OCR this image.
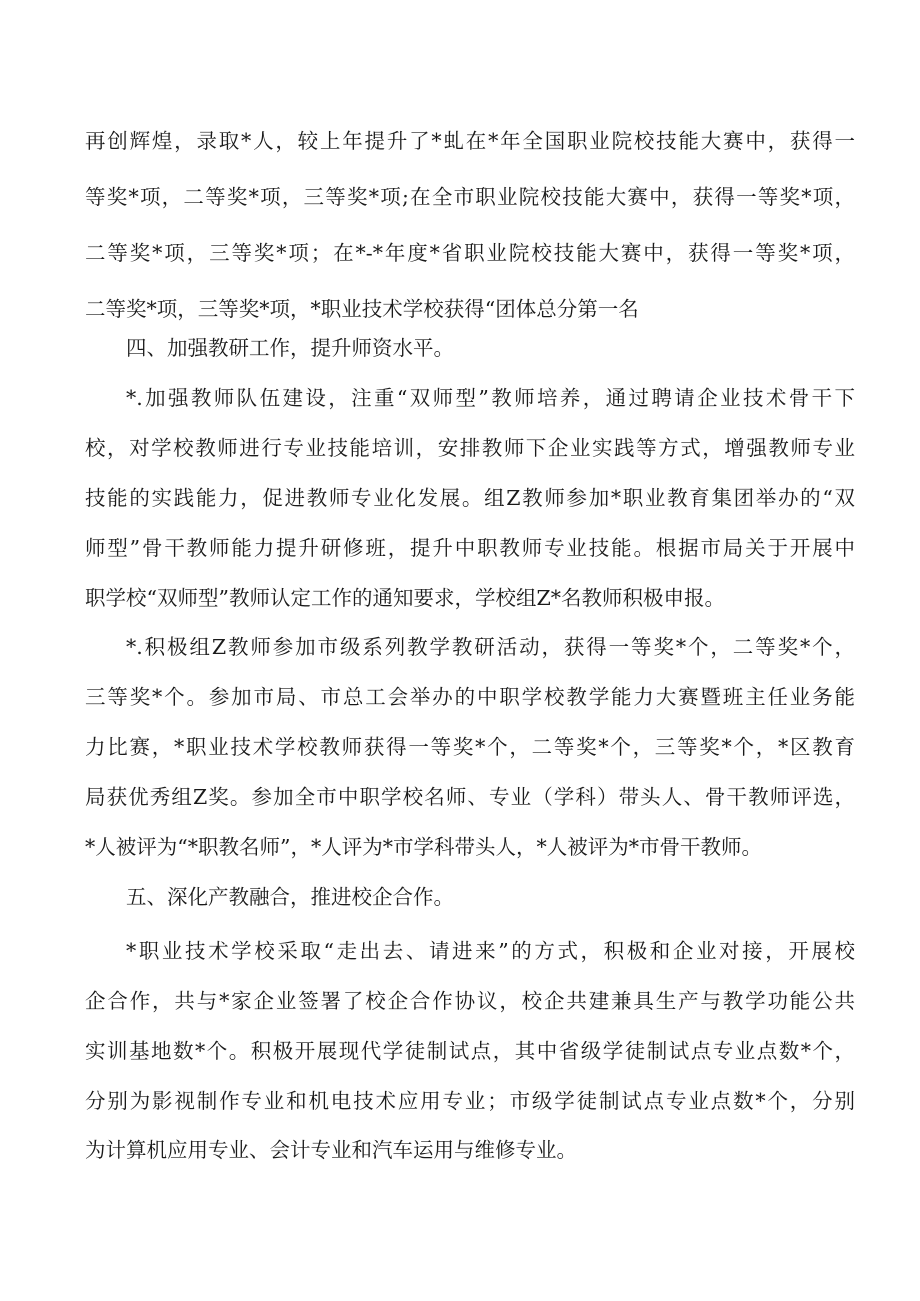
再创辉煌，录取*人，较上年提升了*虬在*年全国职业院校技能大赛中，获得一
等奖*项，二等奖*项，三等奖*项;在全市职业院校技能大赛中，获得一等奖*项，
二等奖*项，三等奖*项；在*-*年度*省职业院校技能大赛中，获得一等奖*项，
二等奖*项，三等奖*项，*职业技术学校获得“团体总分第一名
四、加强教研工作，提升师资水平。
*.加强教师队伍建设，注重“双师型”教师培养，通过聘请企业技术骨干下
校，对学校教师进行专业技能培训，安排教师下企业实践等方式，增强教师专业
技能的实践能力，促进教师专业化发展。组Z教师参加*职业教育集团举办的“双
师型”骨干教师能力提升研修班，提升中职教师专业技能。根据市局关于开展中
职学校“双师型”教师认定工作的通知要求，学校组Z*名教师积极申报。
*.积极组Z教师参加市级系列教学教研活动，获得一等奖*个，二等奖*个，
三等奖*个。参加市局、市总工会举办的中职学校教学能力大赛暨班主任业务能
力比赛，*职业技术学校教师获得一等奖*个，二等奖*个，三等奖*个，*区教育
局获优秀组Z奖。参加全市中职学校名师、专业（学科）带头人、骨干教师评选，
*人被评为“*职教名师”，*人评为*市学科带头人，*人被评为*市骨干教师。
五、深化产教融合，推进校企合作。
*职业技术学校采取“走出去、请进来”的方式，积极和企业对接，开展校
企合作，共与*家企业签署了校企合作协议，校企共建兼具生产与教学功能公共
实训基地数*个。积极开展现代学徒制试点，其中省级学徒制试点专业点数*个，
分别为影视制作专业和机电技术应用专业；市级学徒制试点专业点数*个，分别
为计算机应用专业、会计专业和汽车运用与维修专业。
